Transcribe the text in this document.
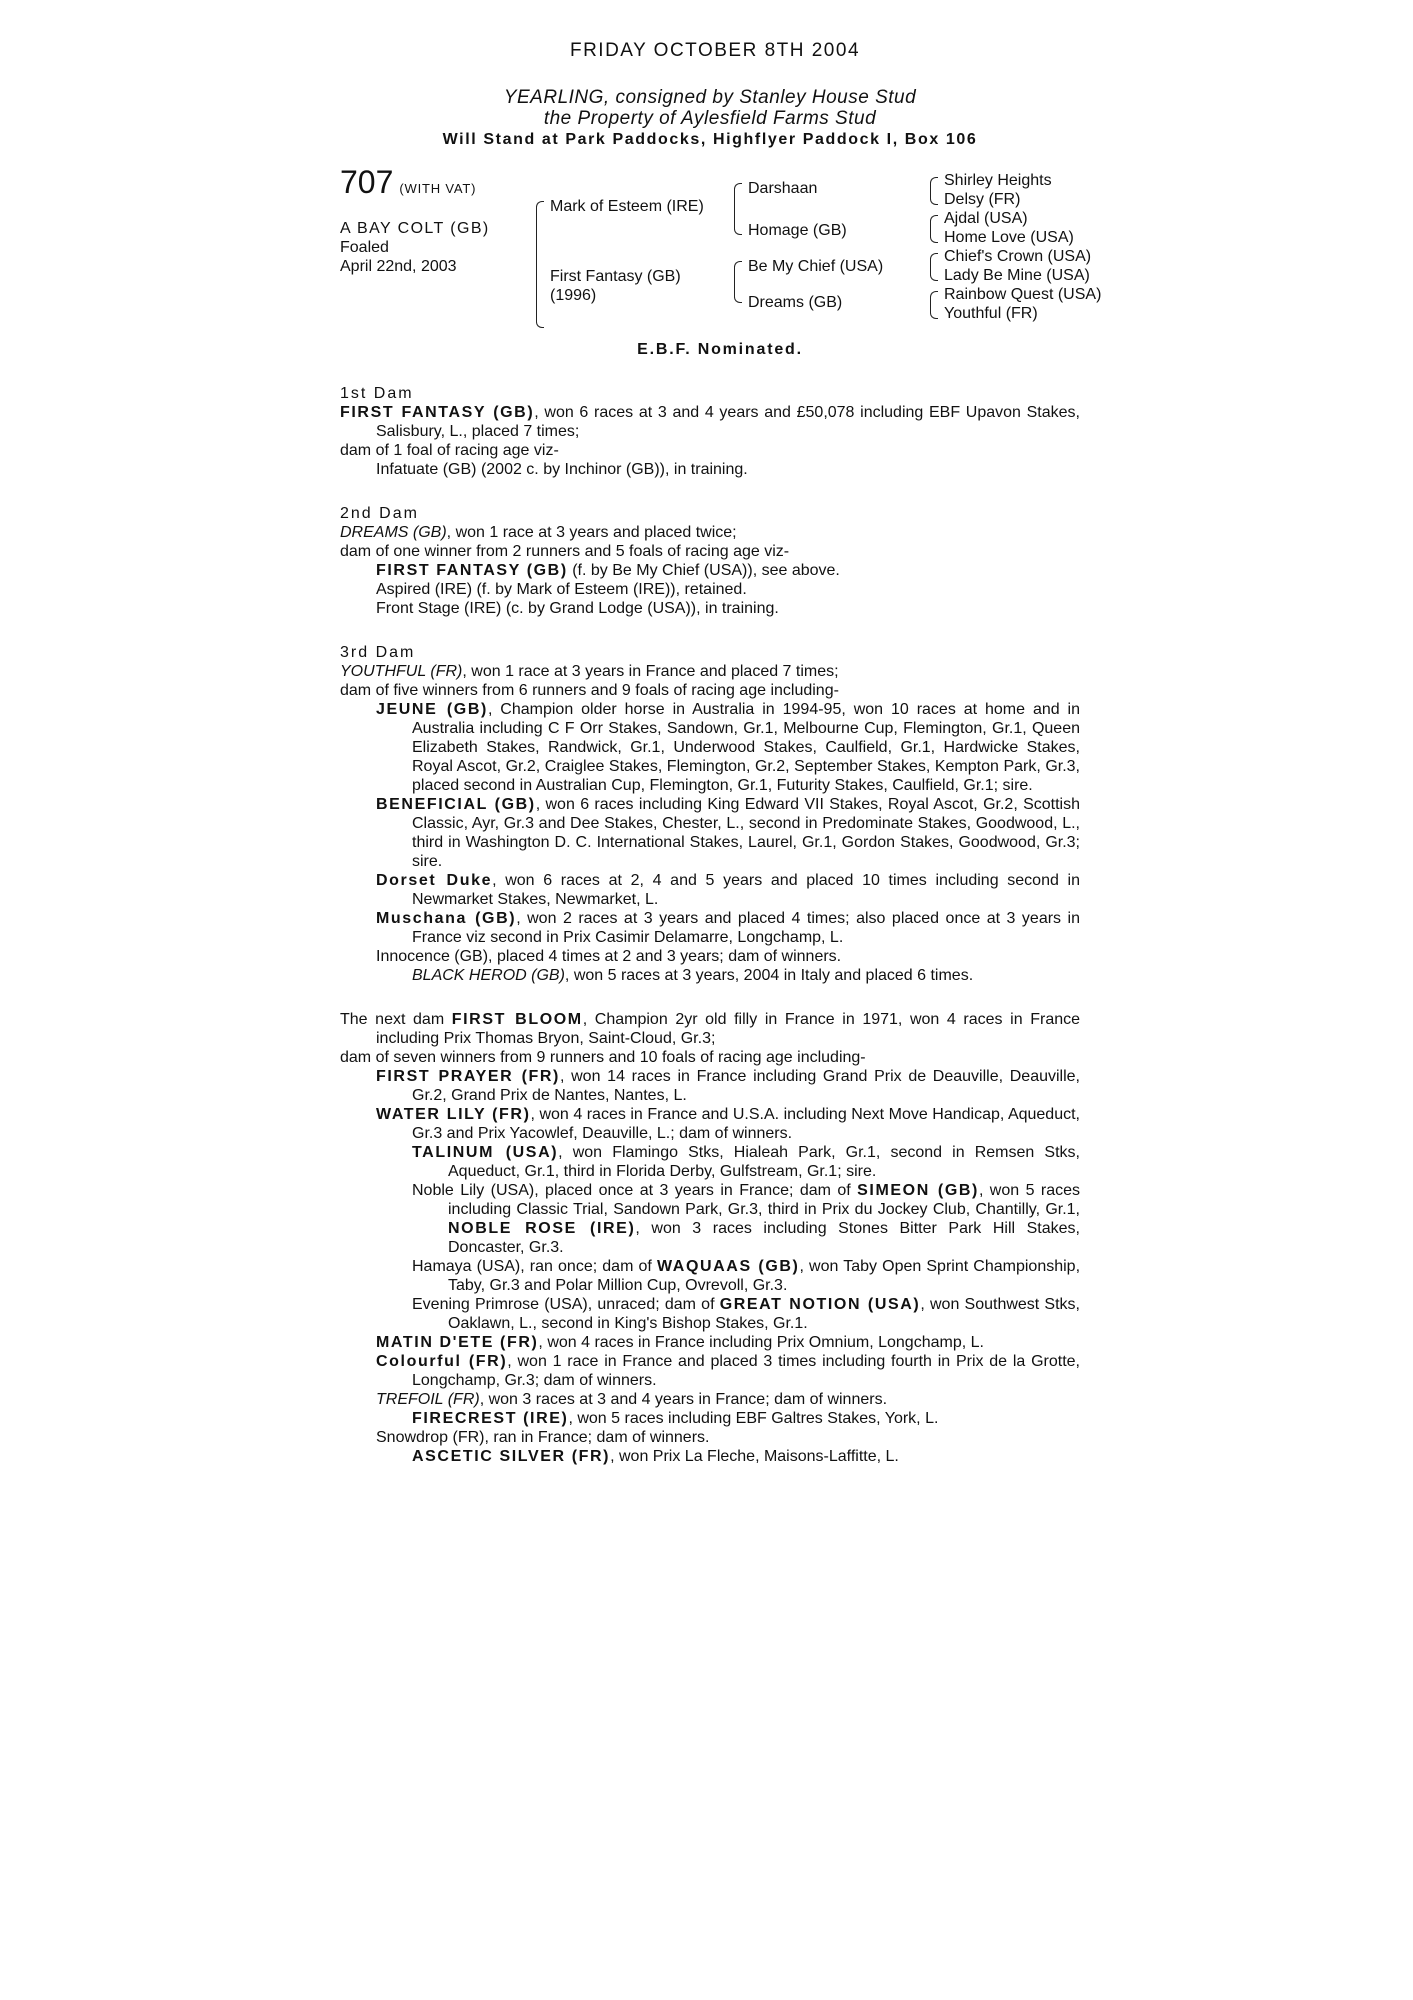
FRIDAY OCTOBER 8TH 2004
YEARLING, consigned by Stanley House Stud
the Property of Aylesfield Farms Stud
Will Stand at Park Paddocks, Highflyer Paddock I, Box 106
707 (WITH VAT)
A BAY COLT (GB)
Foaled
April 22nd, 2003
Mark of Esteem (IRE)
First Fantasy (GB)
(1996)
Darshaan
Homage (GB)
Be My Chief (USA)
Dreams (GB)
Shirley Heights
Delsy (FR)
Ajdal (USA)
Home Love (USA)
Chief's Crown (USA)
Lady Be Mine (USA)
Rainbow Quest (USA)
Youthful (FR)
E.B.F. Nominated.

1st Dam

FIRST FANTASY (GB), won 6 races at 3 and 4 years and £50,078 including EBF Upavon Stakes, Salisbury, L., placed 7 times;

dam of 1 foal of racing age viz-

Infatuate (GB) (2002 c. by Inchinor (GB)), in training.

2nd Dam

DREAMS (GB), won 1 race at 3 years and placed twice;

dam of one winner from 2 runners and 5 foals of racing age viz-

FIRST FANTASY (GB) (f. by Be My Chief (USA)), see above.

Aspired (IRE) (f. by Mark of Esteem (IRE)), retained.

Front Stage (IRE) (c. by Grand Lodge (USA)), in training.

3rd Dam

YOUTHFUL (FR), won 1 race at 3 years in France and placed 7 times;

dam of five winners from 6 runners and 9 foals of racing age including-

JEUNE (GB), Champion older horse in Australia in 1994-95, won 10 races at home and in Australia including C F Orr Stakes, Sandown, Gr.1, Melbourne Cup, Flemington, Gr.1, Queen Elizabeth Stakes, Randwick, Gr.1, Underwood Stakes, Caulfield, Gr.1, Hardwicke Stakes, Royal Ascot, Gr.2, Craiglee Stakes, Flemington, Gr.2, September Stakes, Kempton Park, Gr.3, placed second in Australian Cup, Flemington, Gr.1, Futurity Stakes, Caulfield, Gr.1; sire.

BENEFICIAL (GB), won 6 races including King Edward VII Stakes, Royal Ascot, Gr.2, Scottish Classic, Ayr, Gr.3 and Dee Stakes, Chester, L., second in Predominate Stakes, Goodwood, L., third in Washington D. C. International Stakes, Laurel, Gr.1, Gordon Stakes, Goodwood, Gr.3; sire.

Dorset Duke, won 6 races at 2, 4 and 5 years and placed 10 times including second in Newmarket Stakes, Newmarket, L.

Muschana (GB), won 2 races at 3 years and placed 4 times; also placed once at 3 years in France viz second in Prix Casimir Delamarre, Longchamp, L.

Innocence (GB), placed 4 times at 2 and 3 years; dam of winners.

BLACK HEROD (GB), won 5 races at 3 years, 2004 in Italy and placed 6 times.

The next dam FIRST BLOOM, Champion 2yr old filly in France in 1971, won 4 races in France including Prix Thomas Bryon, Saint-Cloud, Gr.3;

dam of seven winners from 9 runners and 10 foals of racing age including-

FIRST PRAYER (FR), won 14 races in France including Grand Prix de Deauville, Deauville, Gr.2, Grand Prix de Nantes, Nantes, L.

WATER LILY (FR), won 4 races in France and U.S.A. including Next Move Handicap, Aqueduct, Gr.3 and Prix Yacowlef, Deauville, L.; dam of winners.

TALINUM (USA), won Flamingo Stks, Hialeah Park, Gr.1, second in Remsen Stks, Aqueduct, Gr.1, third in Florida Derby, Gulfstream, Gr.1; sire.

Noble Lily (USA), placed once at 3 years in France; dam of SIMEON (GB), won 5 races including Classic Trial, Sandown Park, Gr.3, third in Prix du Jockey Club, Chantilly, Gr.1, NOBLE ROSE (IRE), won 3 races including Stones Bitter Park Hill Stakes, Doncaster, Gr.3.

Hamaya (USA), ran once; dam of WAQUAAS (GB), won Taby Open Sprint Championship, Taby, Gr.3 and Polar Million Cup, Ovrevoll, Gr.3.

Evening Primrose (USA), unraced; dam of GREAT NOTION (USA), won Southwest Stks, Oaklawn, L., second in King's Bishop Stakes, Gr.1.

MATIN D'ETE (FR), won 4 races in France including Prix Omnium, Longchamp, L.

Colourful (FR), won 1 race in France and placed 3 times including fourth in Prix de la Grotte, Longchamp, Gr.3; dam of winners.

TREFOIL (FR), won 3 races at 3 and 4 years in France; dam of winners.

FIRECREST (IRE), won 5 races including EBF Galtres Stakes, York, L.

Snowdrop (FR), ran in France; dam of winners.

ASCETIC SILVER (FR), won Prix La Fleche, Maisons-Laffitte, L.
